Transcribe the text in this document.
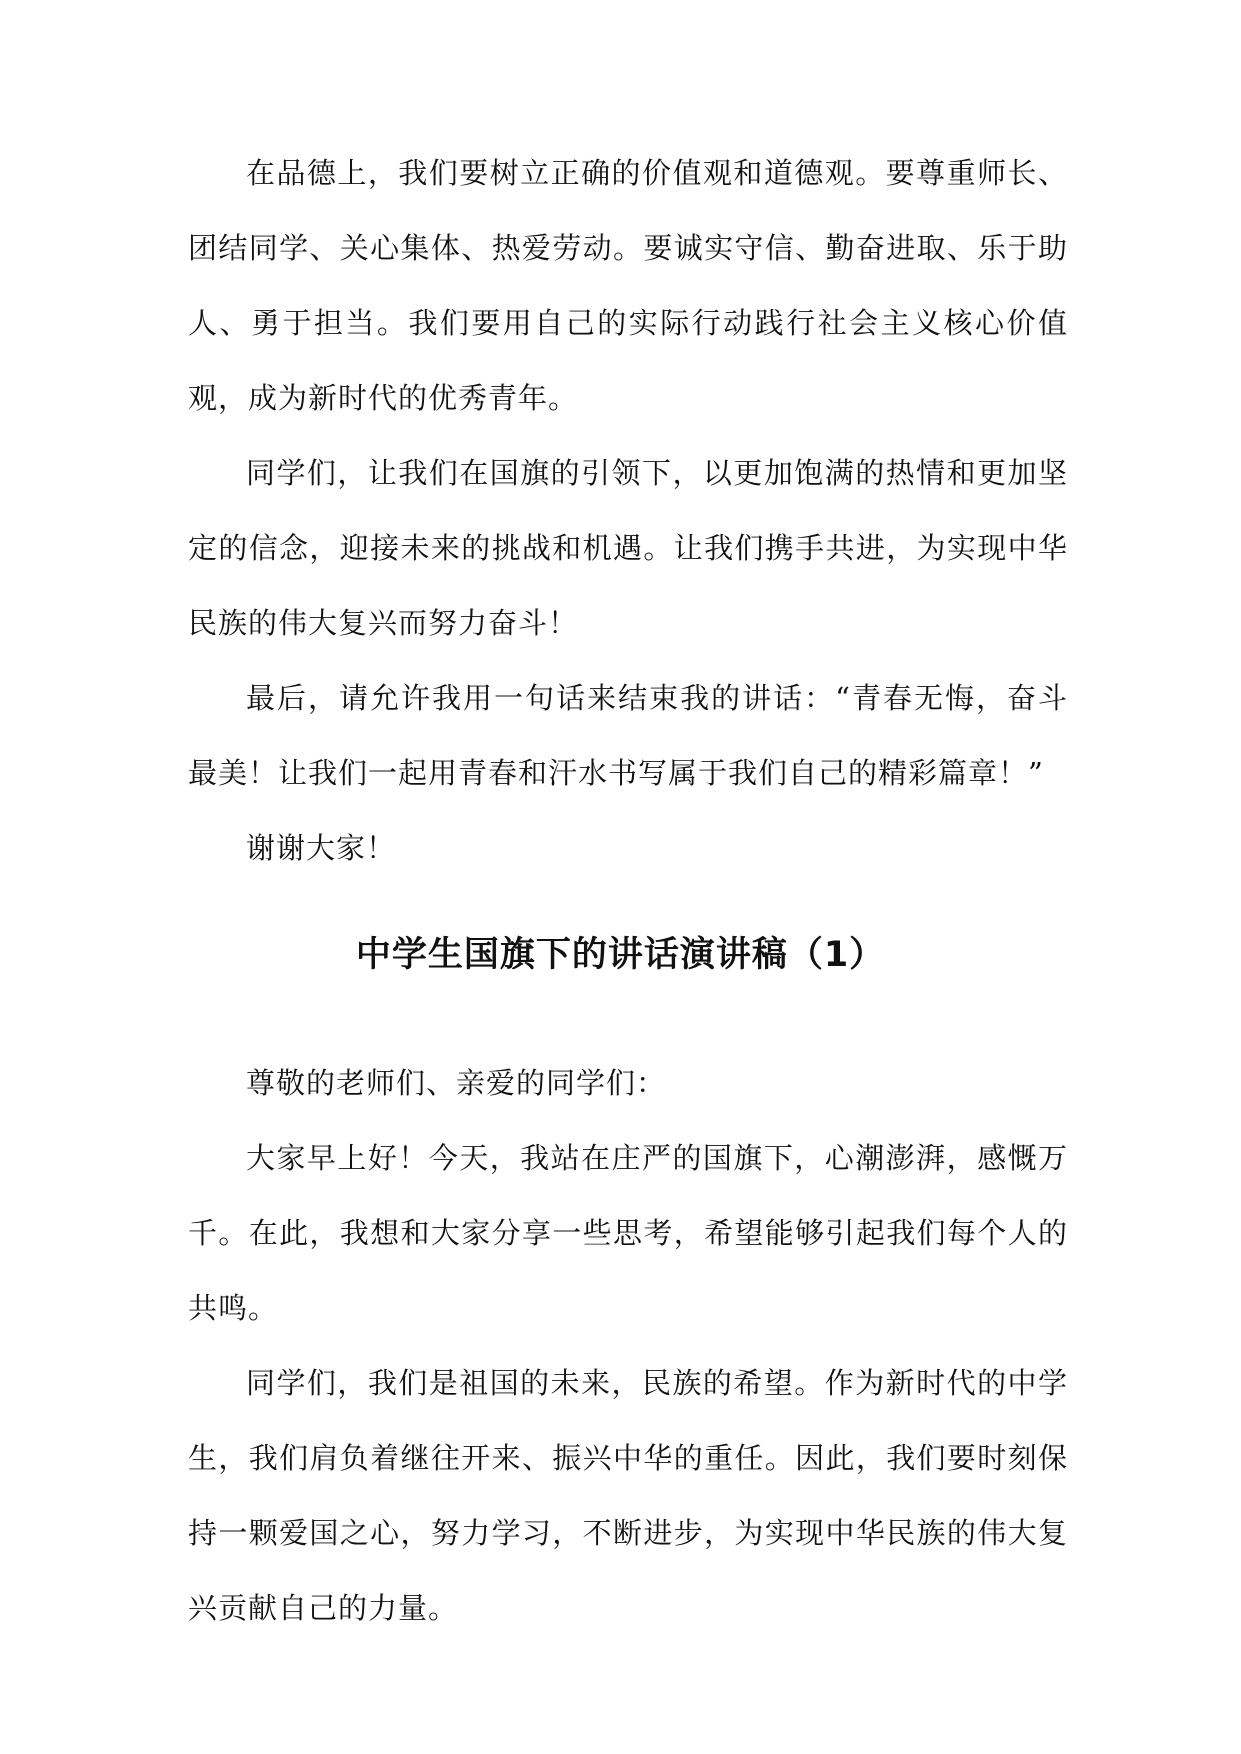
在品德上，我们要树立正确的价值观和道德观。要尊重师长、团结同学、关心集体、热爱劳动。要诚实守信、勤奋进取、乐于助人、勇于担当。我们要用自己的实际行动践行社会主义核心价值观，成为新时代的优秀青年。

同学们，让我们在国旗的引领下，以更加饱满的热情和更加坚定的信念，迎接未来的挑战和机遇。让我们携手共进，为实现中华民族的伟大复兴而努力奋斗！

最后，请允许我用一句话来结束我的讲话：“青春无悔，奋斗最美！让我们一起用青春和汗水书写属于我们自己的精彩篇章！”

谢谢大家！

中学生国旗下的讲话演讲稿（1）

尊敬的老师们、亲爱的同学们：

大家早上好！今天，我站在庄严的国旗下，心潮澎湃，感慨万千。在此，我想和大家分享一些思考，希望能够引起我们每个人的共鸣。

同学们，我们是祖国的未来，民族的希望。作为新时代的中学生，我们肩负着继往开来、振兴中华的重任。因此，我们要时刻保持一颗爱国之心，努力学习，不断进步，为实现中华民族的伟大复兴贡献自己的力量。
